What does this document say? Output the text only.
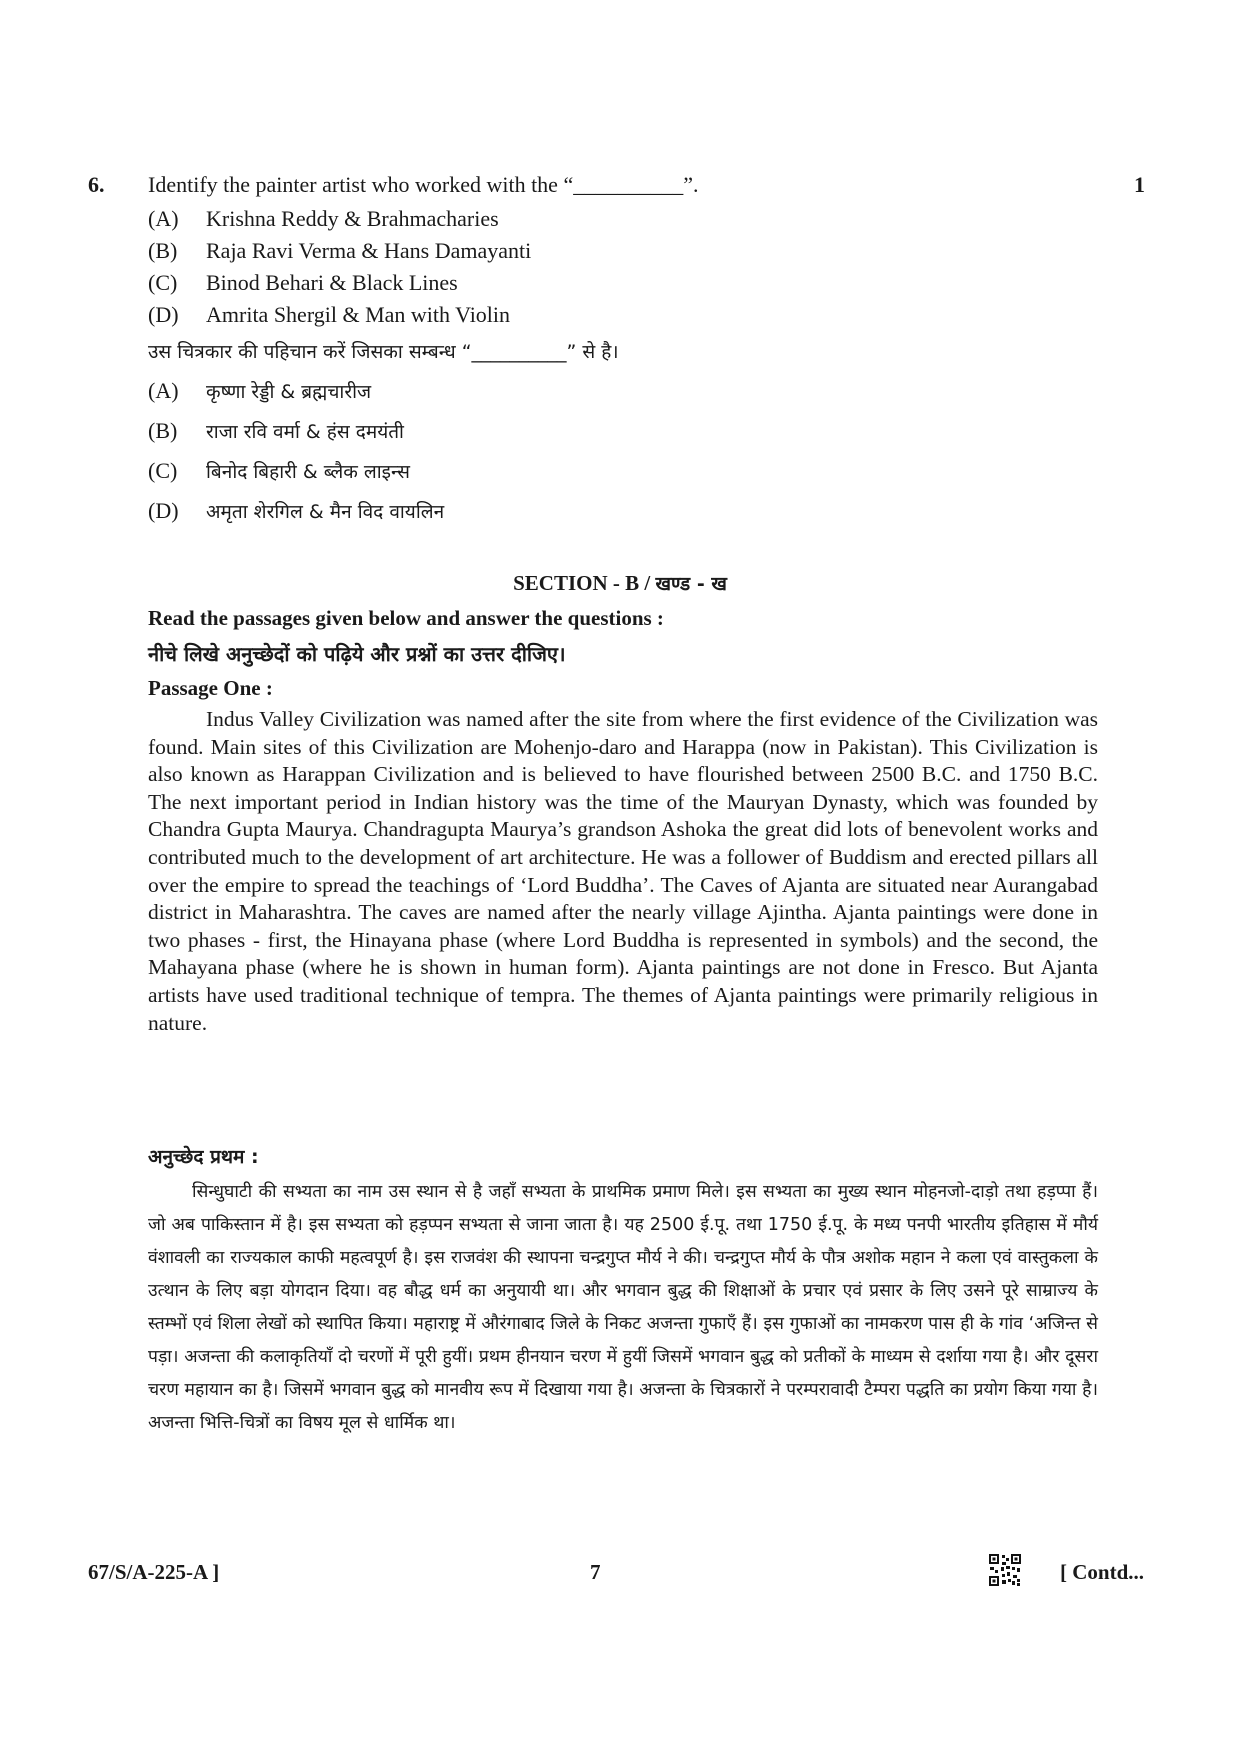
6. Identify the painter artist who worked with the “__________”.	1
(A) Krishna Reddy & Brahmacharies
(B) Raja Ravi Verma & Hans Damayanti
(C) Binod Behari & Black Lines
(D) Amrita Shergil & Man with Violin
उस चित्रकार की पहिचान करें जिसका सम्बन्ध “__________” से है।
(A) कृष्णा रेड्डी & ब्रह्मचारीज
(B) राजा रवि वर्मा & हंस दमयंती
(C) बिनोद बिहारी & ब्लैक लाइन्स
(D) अमृता शेरगिल & मैन विद वायलिन
SECTION - B / खण्ड - ख
Read the passages given below and answer the questions :
नीचे लिखे अनुच्छेदों को पढ़िये और प्रश्नों का उत्तर दीजिए।
Passage One :

Indus Valley Civilization was named after the site from where the first evidence of the Civilization was found. Main sites of this Civilization are Mohenjo-daro and Harappa (now in Pakistan). This Civilization is also known as Harappan Civilization and is believed to have flourished between 2500 B.C. and 1750 B.C. The next important period in Indian history was the time of the Mauryan Dynasty, which was founded by Chandra Gupta Maurya. Chandragupta Maurya’s grandson Ashoka the great did lots of benevolent works and contributed much to the development of art architecture. He was a follower of Buddism and erected pillars all over the empire to spread the teachings of ‘Lord Buddha’. The Caves of Ajanta are situated near Aurangabad district in Maharashtra. The caves are named after the nearly village Ajintha. Ajanta paintings were done in two phases - first, the Hinayana phase (where Lord Buddha is represented in symbols) and the second, the Mahayana phase (where he is shown in human form). Ajanta paintings are not done in Fresco. But Ajanta artists have used traditional technique of tempra. The themes of Ajanta paintings were primarily religious in nature.

अनुच्छेद प्रथम :

सिन्धुघाटी की सभ्यता का नाम उस स्थान से है जहाँ सभ्यता के प्राथमिक प्रमाण मिले। इस सभ्यता का मुख्य स्थान मोहनजो-दाड़ो तथा हड़प्पा हैं। जो अब पाकिस्तान में है। इस सभ्यता को हड़प्पन सभ्यता से जाना जाता है। यह 2500 ई.पू. तथा 1750 ई.पू. के मध्य पनपी भारतीय इतिहास में मौर्य वंशावली का राज्यकाल काफी महत्वपूर्ण है। इस राजवंश की स्थापना चन्द्रगुप्त मौर्य ने की। चन्द्रगुप्त मौर्य के पौत्र अशोक महान ने कला एवं वास्तुकला के उत्थान के लिए बड़ा योगदान दिया। वह बौद्ध धर्म का अनुयायी था। और भगवान बुद्ध की शिक्षाओं के प्रचार एवं प्रसार के लिए उसने पूरे साम्राज्य के स्तम्भों एवं शिला लेखों को स्थापित किया। महाराष्ट्र में औरंगाबाद जिले के निकट अजन्ता गुफाएँ हैं। इस गुफाओं का नामकरण पास ही के गांव ‘अजिन्त से पड़ा। अजन्ता की कलाकृतियाँ दो चरणों में पूरी हुयीं। प्रथम हीनयान चरण में हुयीं जिसमें भगवान बुद्ध को प्रतीकों के माध्यम से दर्शाया गया है। और दूसरा चरण महायान का है। जिसमें भगवान बुद्ध को मानवीय रूप में दिखाया गया है। अजन्ता के चित्रकारों ने परम्परावादी टैम्परा पद्धति का प्रयोग किया गया है। अजन्ता भित्ति-चित्रों का विषय मूल से धार्मिक था।

67/S/A-225-A ]	7	[ Contd...
